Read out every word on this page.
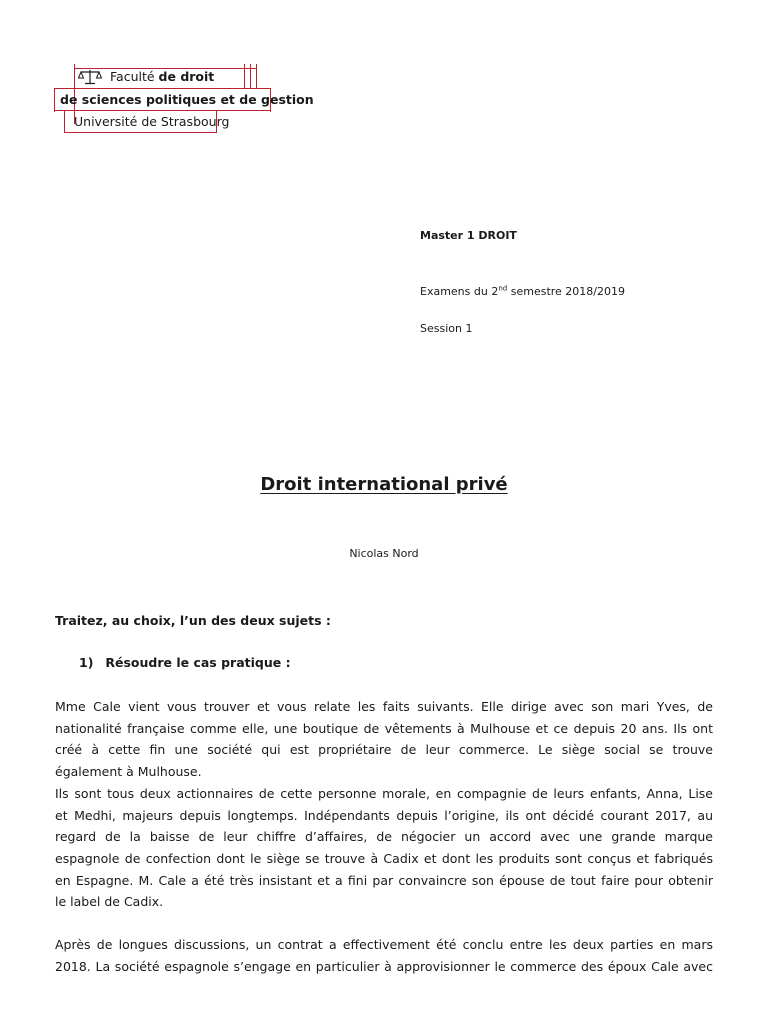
Faculté de droit
de sciences politiques et de gestion
Université de Strasbourg
Master 1 DROIT
Examens du 2nd semestre 2018/2019
Session 1
Droit international privé
Nicolas Nord
Traitez, au choix, l’un des deux sujets :
1) Résoudre le cas pratique :
Mme Cale vient vous trouver et vous relate les faits suivants. Elle dirige avec son mari Yves, de
nationalité française comme elle, une boutique de vêtements à Mulhouse et ce depuis 20 ans. Ils ont
créé à cette fin une société qui est propriétaire de leur commerce. Le siège social se trouve
également à Mulhouse.
Ils sont tous deux actionnaires de cette personne morale, en compagnie de leurs enfants, Anna, Lise
et Medhi, majeurs depuis longtemps. Indépendants depuis l’origine, ils ont décidé courant 2017, au
regard de la baisse de leur chiffre d’affaires, de négocier un accord avec une grande marque
espagnole de confection dont le siège se trouve à Cadix et dont les produits sont conçus et fabriqués
en Espagne. M. Cale a été très insistant et a fini par convaincre son épouse de tout faire pour obtenir
le label de Cadix.
Après de longues discussions, un contrat a effectivement été conclu entre les deux parties en mars
2018. La société espagnole s’engage en particulier à approvisionner le commerce des époux Cale avec
